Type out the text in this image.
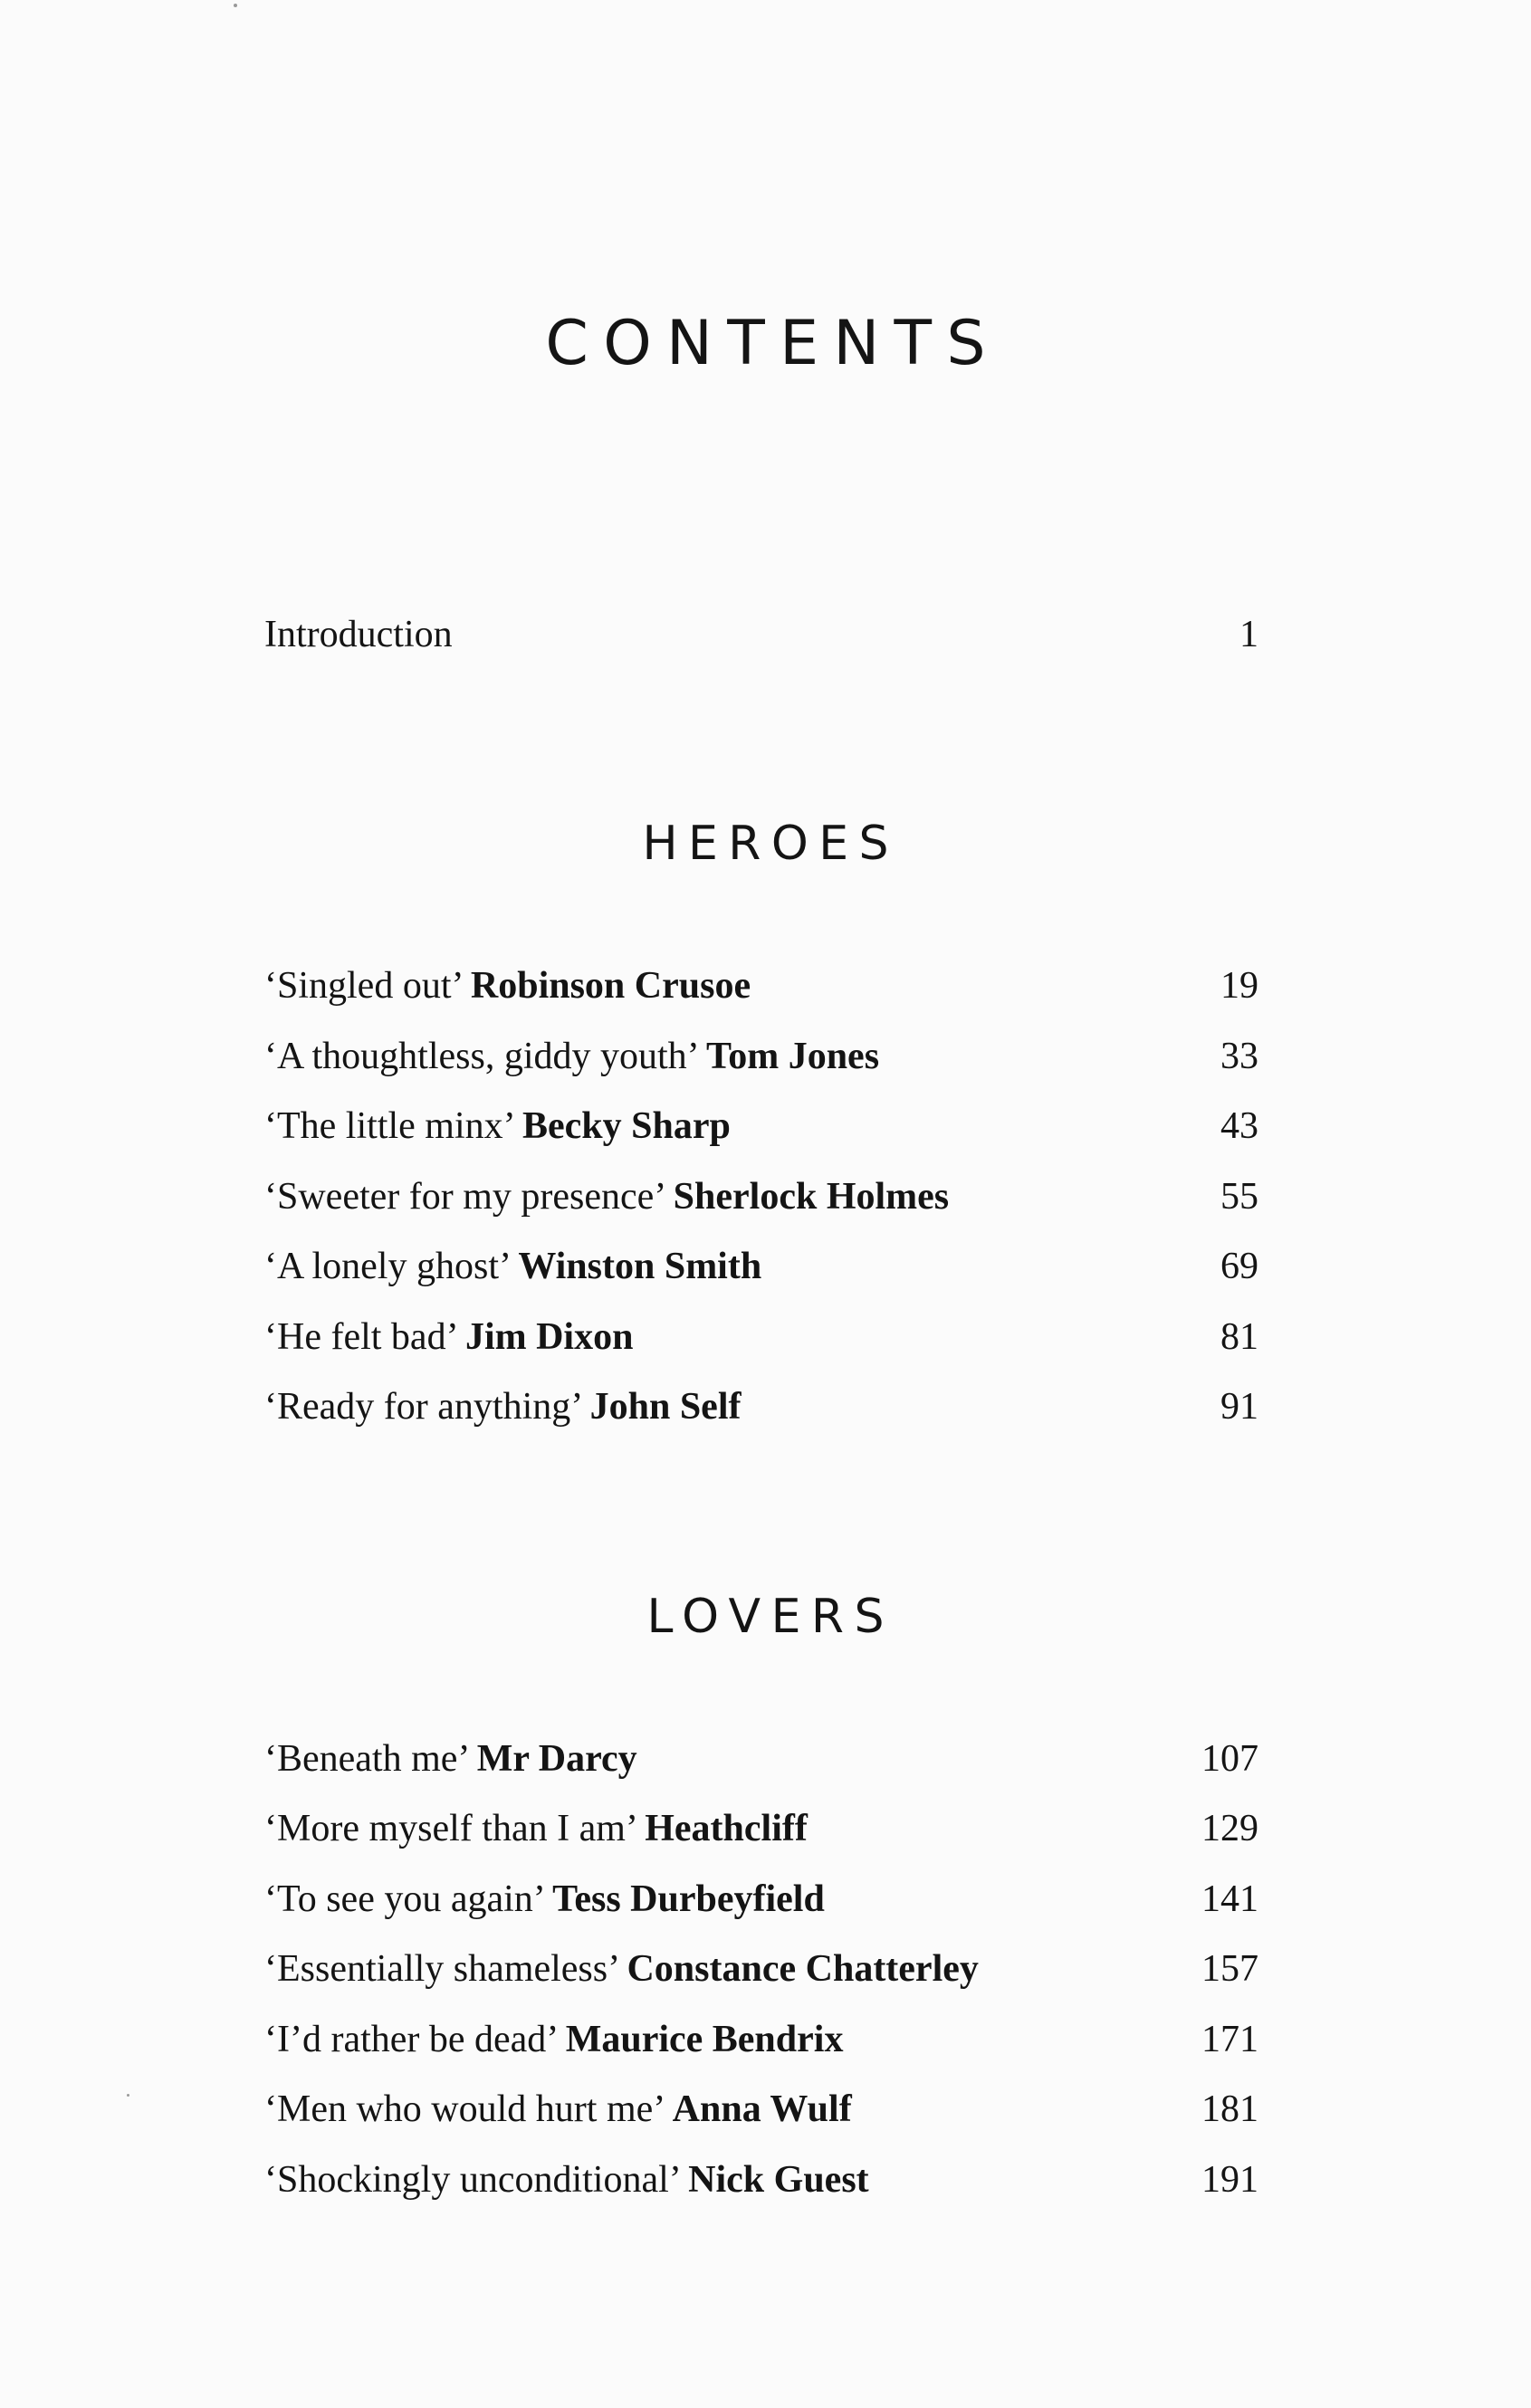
CONTENTS
Introduction	1
HEROES
‘Singled out’ Robinson Crusoe	19
‘A thoughtless, giddy youth’ Tom Jones	33
‘The little minx’ Becky Sharp	43
‘Sweeter for my presence’ Sherlock Holmes	55
‘A lonely ghost’ Winston Smith	69
‘He felt bad’ Jim Dixon	81
‘Ready for anything’ John Self	91
LOVERS
‘Beneath me’ Mr Darcy	107
‘More myself than I am’ Heathcliff	129
‘To see you again’ Tess Durbeyfield	141
‘Essentially shameless’ Constance Chatterley	157
‘I’d rather be dead’ Maurice Bendrix	171
‘Men who would hurt me’ Anna Wulf	181
‘Shockingly unconditional’ Nick Guest	191
